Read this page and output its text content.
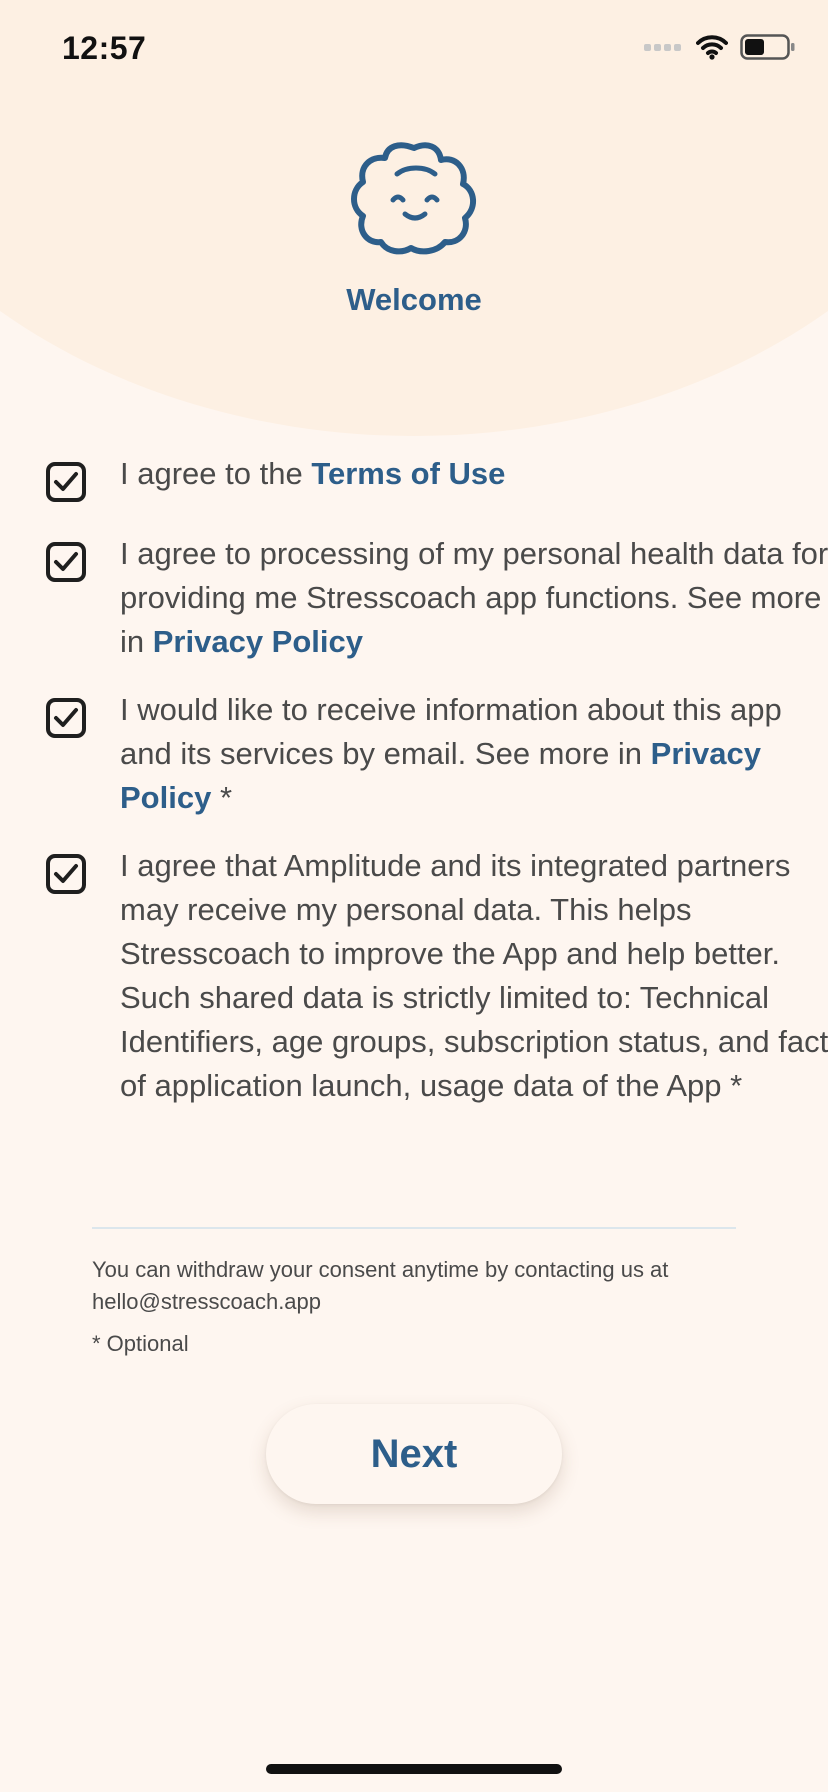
12:57
Welcome
I agree to the Terms of Use
I agree to processing of my personal health data for providing me Stresscoach app functions. See more in Privacy Policy
I would like to receive information about this app and its services by email. See more in Privacy Policy *
I agree that Amplitude and its integrated partners may receive my personal data. This helps Stresscoach to improve the App and help better. Such shared data is strictly limited to: Technical Identifiers, age groups, subscription status, and fact of application launch, usage data of the App *
You can withdraw your consent anytime by contacting us at hello@stresscoach.app
* Optional
Next
